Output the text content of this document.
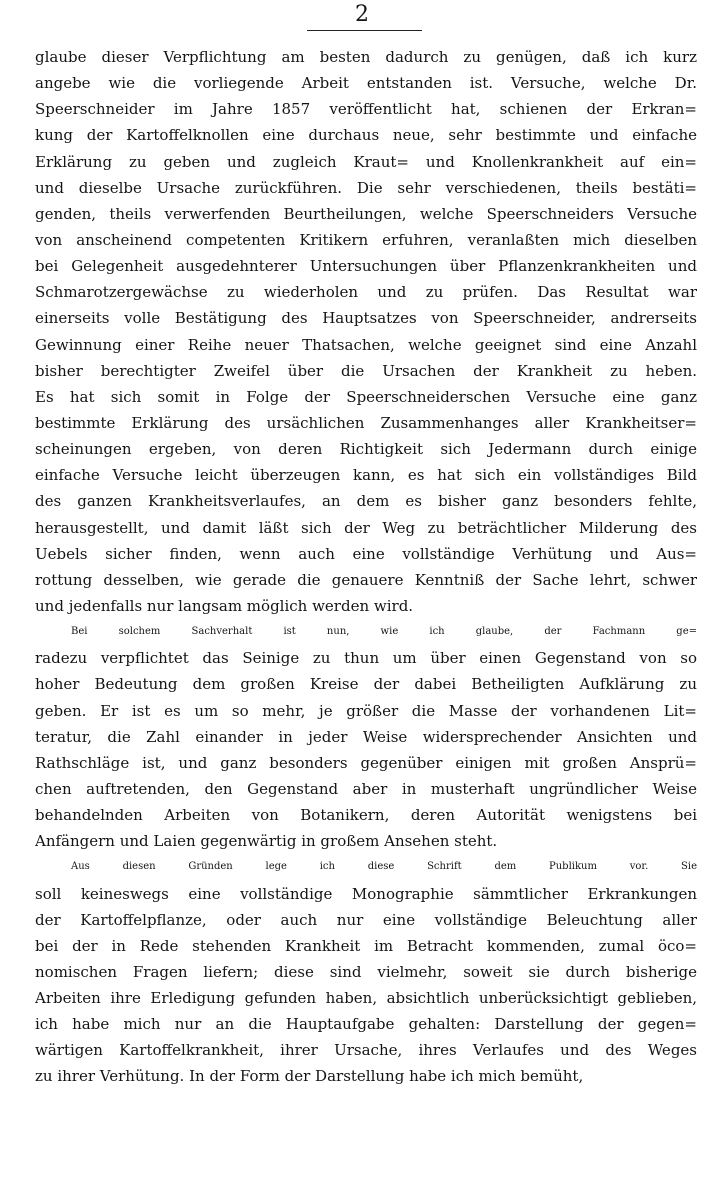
2
glaube dieser Verpflichtung am besten dadurch zu genügen, daß ich kurz
angebe wie die vorliegende Arbeit entstanden ist. Versuche, welche Dr.
Speerschneider im Jahre 1857 veröffentlicht hat, schienen der Erkran=
kung der Kartoffelknollen eine durchaus neue, sehr bestimmte und einfache
Erklärung zu geben und zugleich Kraut= und Knollenkrankheit auf ein=
und dieselbe Ursache zurückführen. Die sehr verschiedenen, theils bestäti=
genden, theils verwerfenden Beurtheilungen, welche Speerschneiders Versuche
von anscheinend competenten Kritikern erfuhren, veranlaßten mich dieselben
bei Gelegenheit ausgedehnterer Untersuchungen über Pflanzenkrankheiten und
Schmarotzergewächse zu wiederholen und zu prüfen. Das Resultat war
einerseits volle Bestätigung des Hauptsatzes von Speerschneider, andrerseits
Gewinnung einer Reihe neuer Thatsachen, welche geeignet sind eine Anzahl
bisher berechtigter Zweifel über die Ursachen der Krankheit zu heben.
Es hat sich somit in Folge der Speerschneiderschen Versuche eine ganz
bestimmte Erklärung des ursächlichen Zusammenhanges aller Krankheitser=
scheinungen ergeben, von deren Richtigkeit sich Jedermann durch einige
einfache Versuche leicht überzeugen kann, es hat sich ein vollständiges Bild
des ganzen Krankheitsverlaufes, an dem es bisher ganz besonders fehlte,
herausgestellt, und damit läßt sich der Weg zu beträchtlicher Milderung des
Uebels sicher finden, wenn auch eine vollständige Verhütung und Aus=
rottung desselben, wie gerade die genauere Kenntniß der Sache lehrt, schwer
und jedenfalls nur langsam möglich werden wird.
Bei solchem Sachverhalt ist nun, wie ich glaube, der Fachmann ge=
radezu verpflichtet das Seinige zu thun um über einen Gegenstand von so
hoher Bedeutung dem großen Kreise der dabei Betheiligten Aufklärung zu
geben. Er ist es um so mehr, je größer die Masse der vorhandenen Lit=
teratur, die Zahl einander in jeder Weise widersprechender Ansichten und
Rathschläge ist, und ganz besonders gegenüber einigen mit großen Ansprü=
chen auftretenden, den Gegenstand aber in musterhaft ungründlicher Weise
behandelnden Arbeiten von Botanikern, deren Autorität wenigstens bei
Anfängern und Laien gegenwärtig in großem Ansehen steht.
Aus diesen Gründen lege ich diese Schrift dem Publikum vor. Sie
soll keineswegs eine vollständige Monographie sämmtlicher Erkrankungen
der Kartoffelpflanze, oder auch nur eine vollständige Beleuchtung aller
bei der in Rede stehenden Krankheit im Betracht kommenden, zumal öco=
nomischen Fragen liefern; diese sind vielmehr, soweit sie durch bisherige
Arbeiten ihre Erledigung gefunden haben, absichtlich unberücksichtigt geblieben,
ich habe mich nur an die Hauptaufgabe gehalten: Darstellung der gegen=
wärtigen Kartoffelkrankheit, ihrer Ursache, ihres Verlaufes und des Weges
zu ihrer Verhütung. In der Form der Darstellung habe ich mich bemüht,
